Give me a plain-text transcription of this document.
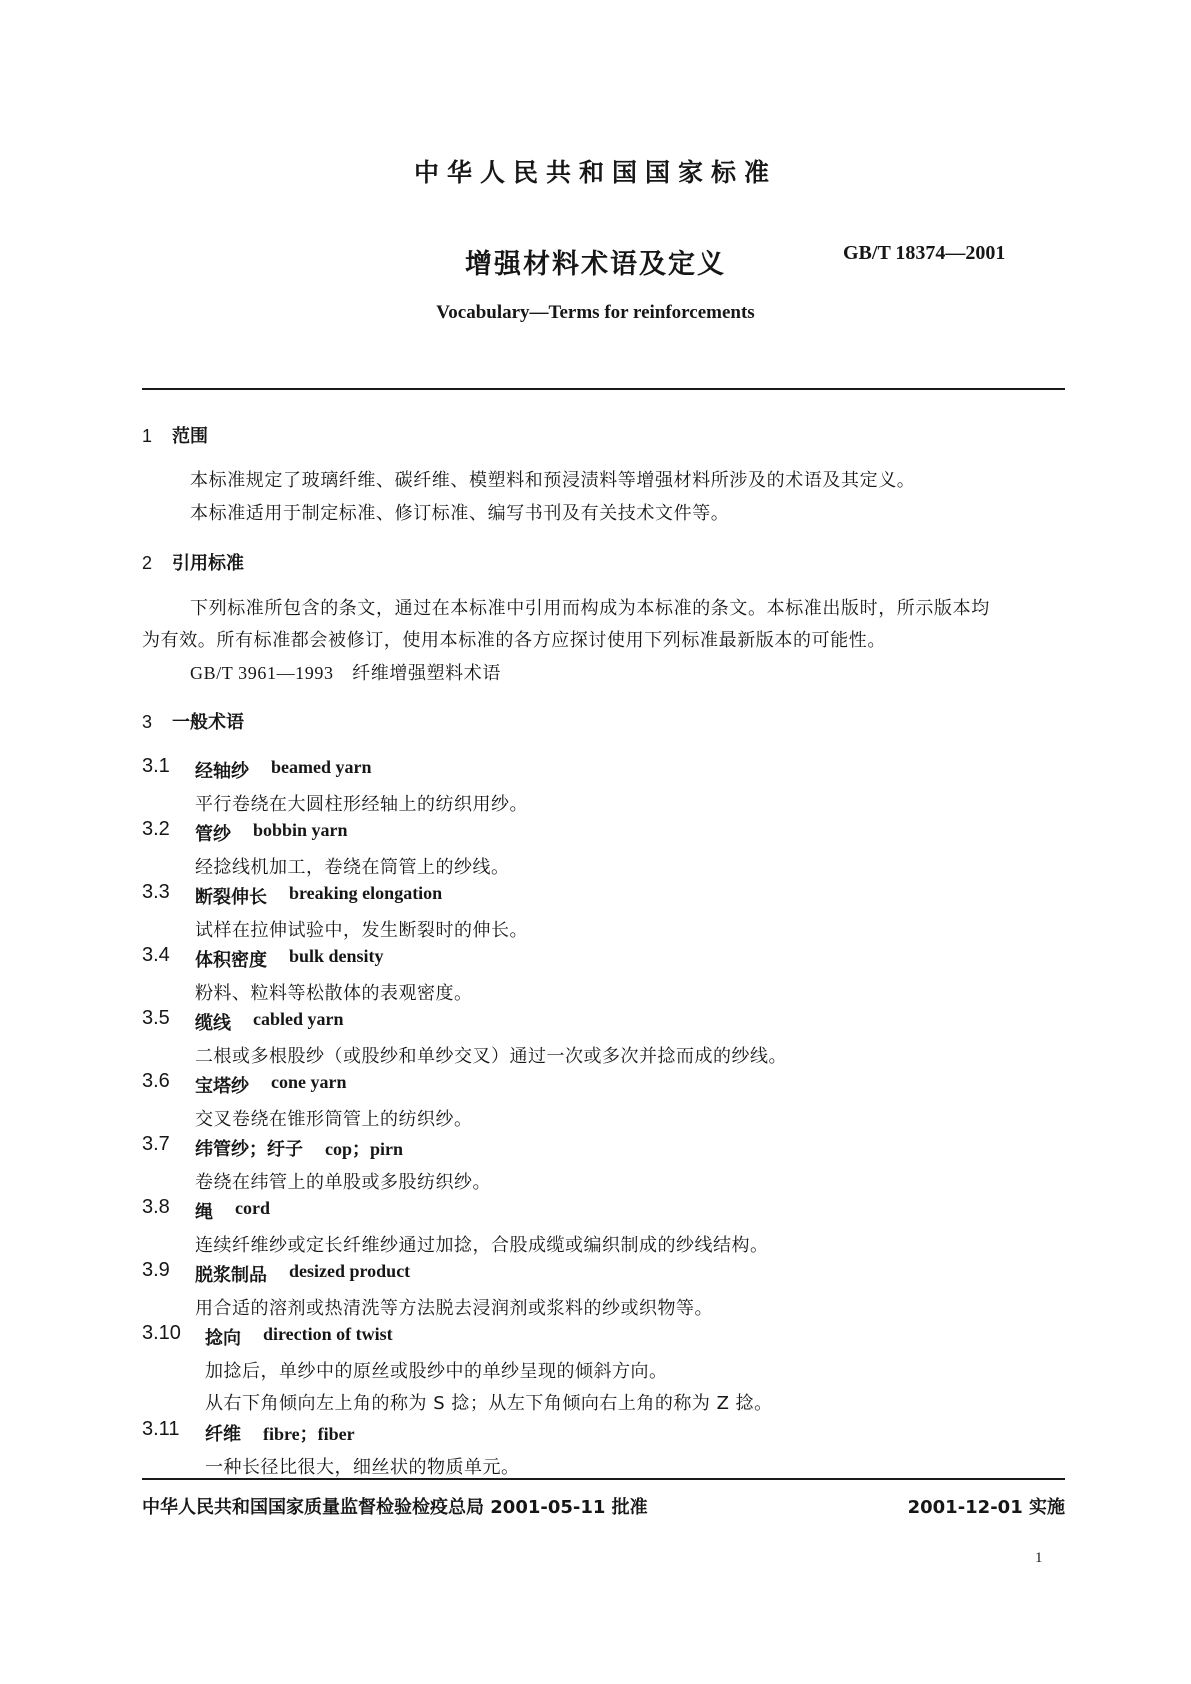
中华人民共和国国家标准
增强材料术语及定义	GB/T 18374—2001
Vocabulary—Terms for reinforcements
1 范围
本标准规定了玻璃纤维、碳纤维、模塑料和预浸渍料等增强材料所涉及的术语及其定义。
本标准适用于制定标准、修订标准、编写书刊及有关技术文件等。
2 引用标准
下列标准所包含的条文，通过在本标准中引用而构成为本标准的条文。本标准出版时，所示版本均
为有效。所有标准都会被修订，使用本标准的各方应探讨使用下列标准最新版本的可能性。
GB/T 3961—1993　纤维增强塑料术语
3 一般术语
3.1 经轴纱 beamed yarn
平行卷绕在大圆柱形经轴上的纺织用纱。
3.2 管纱 bobbin yarn
经捻线机加工，卷绕在筒管上的纱线。
3.3 断裂伸长 breaking elongation
试样在拉伸试验中，发生断裂时的伸长。
3.4 体积密度 bulk density
粉料、粒料等松散体的表观密度。
3.5 缆线 cabled yarn
二根或多根股纱（或股纱和单纱交叉）通过一次或多次并捻而成的纱线。
3.6 宝塔纱 cone yarn
交叉卷绕在锥形筒管上的纺织纱。
3.7 纬管纱；纡子 cop；pirn
卷绕在纬管上的单股或多股纺织纱。
3.8 绳 cord
连续纤维纱或定长纤维纱通过加捻，合股成缆或编织制成的纱线结构。
3.9 脱浆制品 desized product
用合适的溶剂或热清洗等方法脱去浸润剂或浆料的纱或织物等。
3.10 捻向 direction of twist
加捻后，单纱中的原丝或股纱中的单纱呈现的倾斜方向。
从右下角倾向左上角的称为 S 捻；从左下角倾向右上角的称为 Z 捻。
3.11 纤维 fibre；fiber
一种长径比很大，细丝状的物质单元。
中华人民共和国国家质量监督检验检疫总局 2001-05-11 批准	2001-12-01 实施
1
